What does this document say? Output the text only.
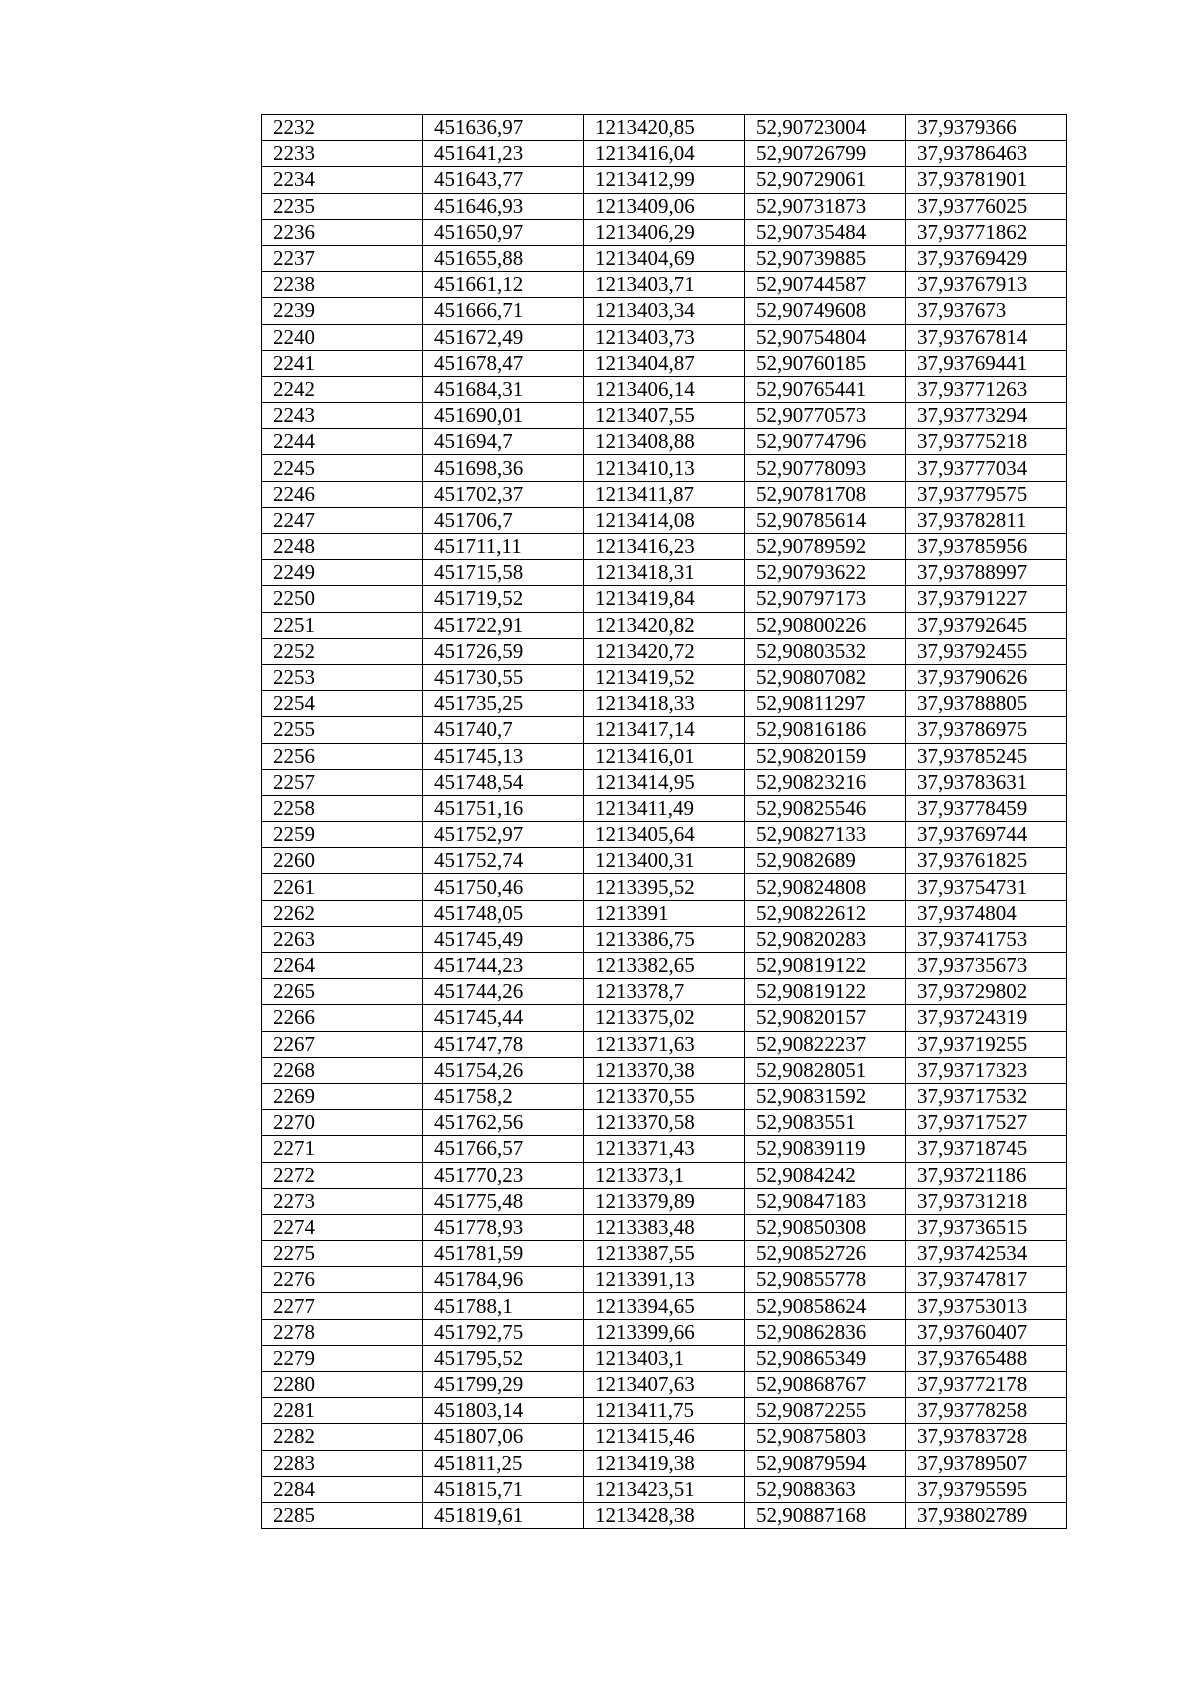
2232	451636,97	1213420,85	52,90723004	37,9379366
2233	451641,23	1213416,04	52,90726799	37,93786463
2234	451643,77	1213412,99	52,90729061	37,93781901
2235	451646,93	1213409,06	52,90731873	37,93776025
2236	451650,97	1213406,29	52,90735484	37,93771862
2237	451655,88	1213404,69	52,90739885	37,93769429
2238	451661,12	1213403,71	52,90744587	37,93767913
2239	451666,71	1213403,34	52,90749608	37,937673
2240	451672,49	1213403,73	52,90754804	37,93767814
2241	451678,47	1213404,87	52,90760185	37,93769441
2242	451684,31	1213406,14	52,90765441	37,93771263
2243	451690,01	1213407,55	52,90770573	37,93773294
2244	451694,7	1213408,88	52,90774796	37,93775218
2245	451698,36	1213410,13	52,90778093	37,93777034
2246	451702,37	1213411,87	52,90781708	37,93779575
2247	451706,7	1213414,08	52,90785614	37,93782811
2248	451711,11	1213416,23	52,90789592	37,93785956
2249	451715,58	1213418,31	52,90793622	37,93788997
2250	451719,52	1213419,84	52,90797173	37,93791227
2251	451722,91	1213420,82	52,90800226	37,93792645
2252	451726,59	1213420,72	52,90803532	37,93792455
2253	451730,55	1213419,52	52,90807082	37,93790626
2254	451735,25	1213418,33	52,90811297	37,93788805
2255	451740,7	1213417,14	52,90816186	37,93786975
2256	451745,13	1213416,01	52,90820159	37,93785245
2257	451748,54	1213414,95	52,90823216	37,93783631
2258	451751,16	1213411,49	52,90825546	37,93778459
2259	451752,97	1213405,64	52,90827133	37,93769744
2260	451752,74	1213400,31	52,9082689	37,93761825
2261	451750,46	1213395,52	52,90824808	37,93754731
2262	451748,05	1213391	52,90822612	37,9374804
2263	451745,49	1213386,75	52,90820283	37,93741753
2264	451744,23	1213382,65	52,90819122	37,93735673
2265	451744,26	1213378,7	52,90819122	37,93729802
2266	451745,44	1213375,02	52,90820157	37,93724319
2267	451747,78	1213371,63	52,90822237	37,93719255
2268	451754,26	1213370,38	52,90828051	37,93717323
2269	451758,2	1213370,55	52,90831592	37,93717532
2270	451762,56	1213370,58	52,9083551	37,93717527
2271	451766,57	1213371,43	52,90839119	37,93718745
2272	451770,23	1213373,1	52,9084242	37,93721186
2273	451775,48	1213379,89	52,90847183	37,93731218
2274	451778,93	1213383,48	52,90850308	37,93736515
2275	451781,59	1213387,55	52,90852726	37,93742534
2276	451784,96	1213391,13	52,90855778	37,93747817
2277	451788,1	1213394,65	52,90858624	37,93753013
2278	451792,75	1213399,66	52,90862836	37,93760407
2279	451795,52	1213403,1	52,90865349	37,93765488
2280	451799,29	1213407,63	52,90868767	37,93772178
2281	451803,14	1213411,75	52,90872255	37,93778258
2282	451807,06	1213415,46	52,90875803	37,93783728
2283	451811,25	1213419,38	52,90879594	37,93789507
2284	451815,71	1213423,51	52,9088363	37,93795595
2285	451819,61	1213428,38	52,90887168	37,93802789
